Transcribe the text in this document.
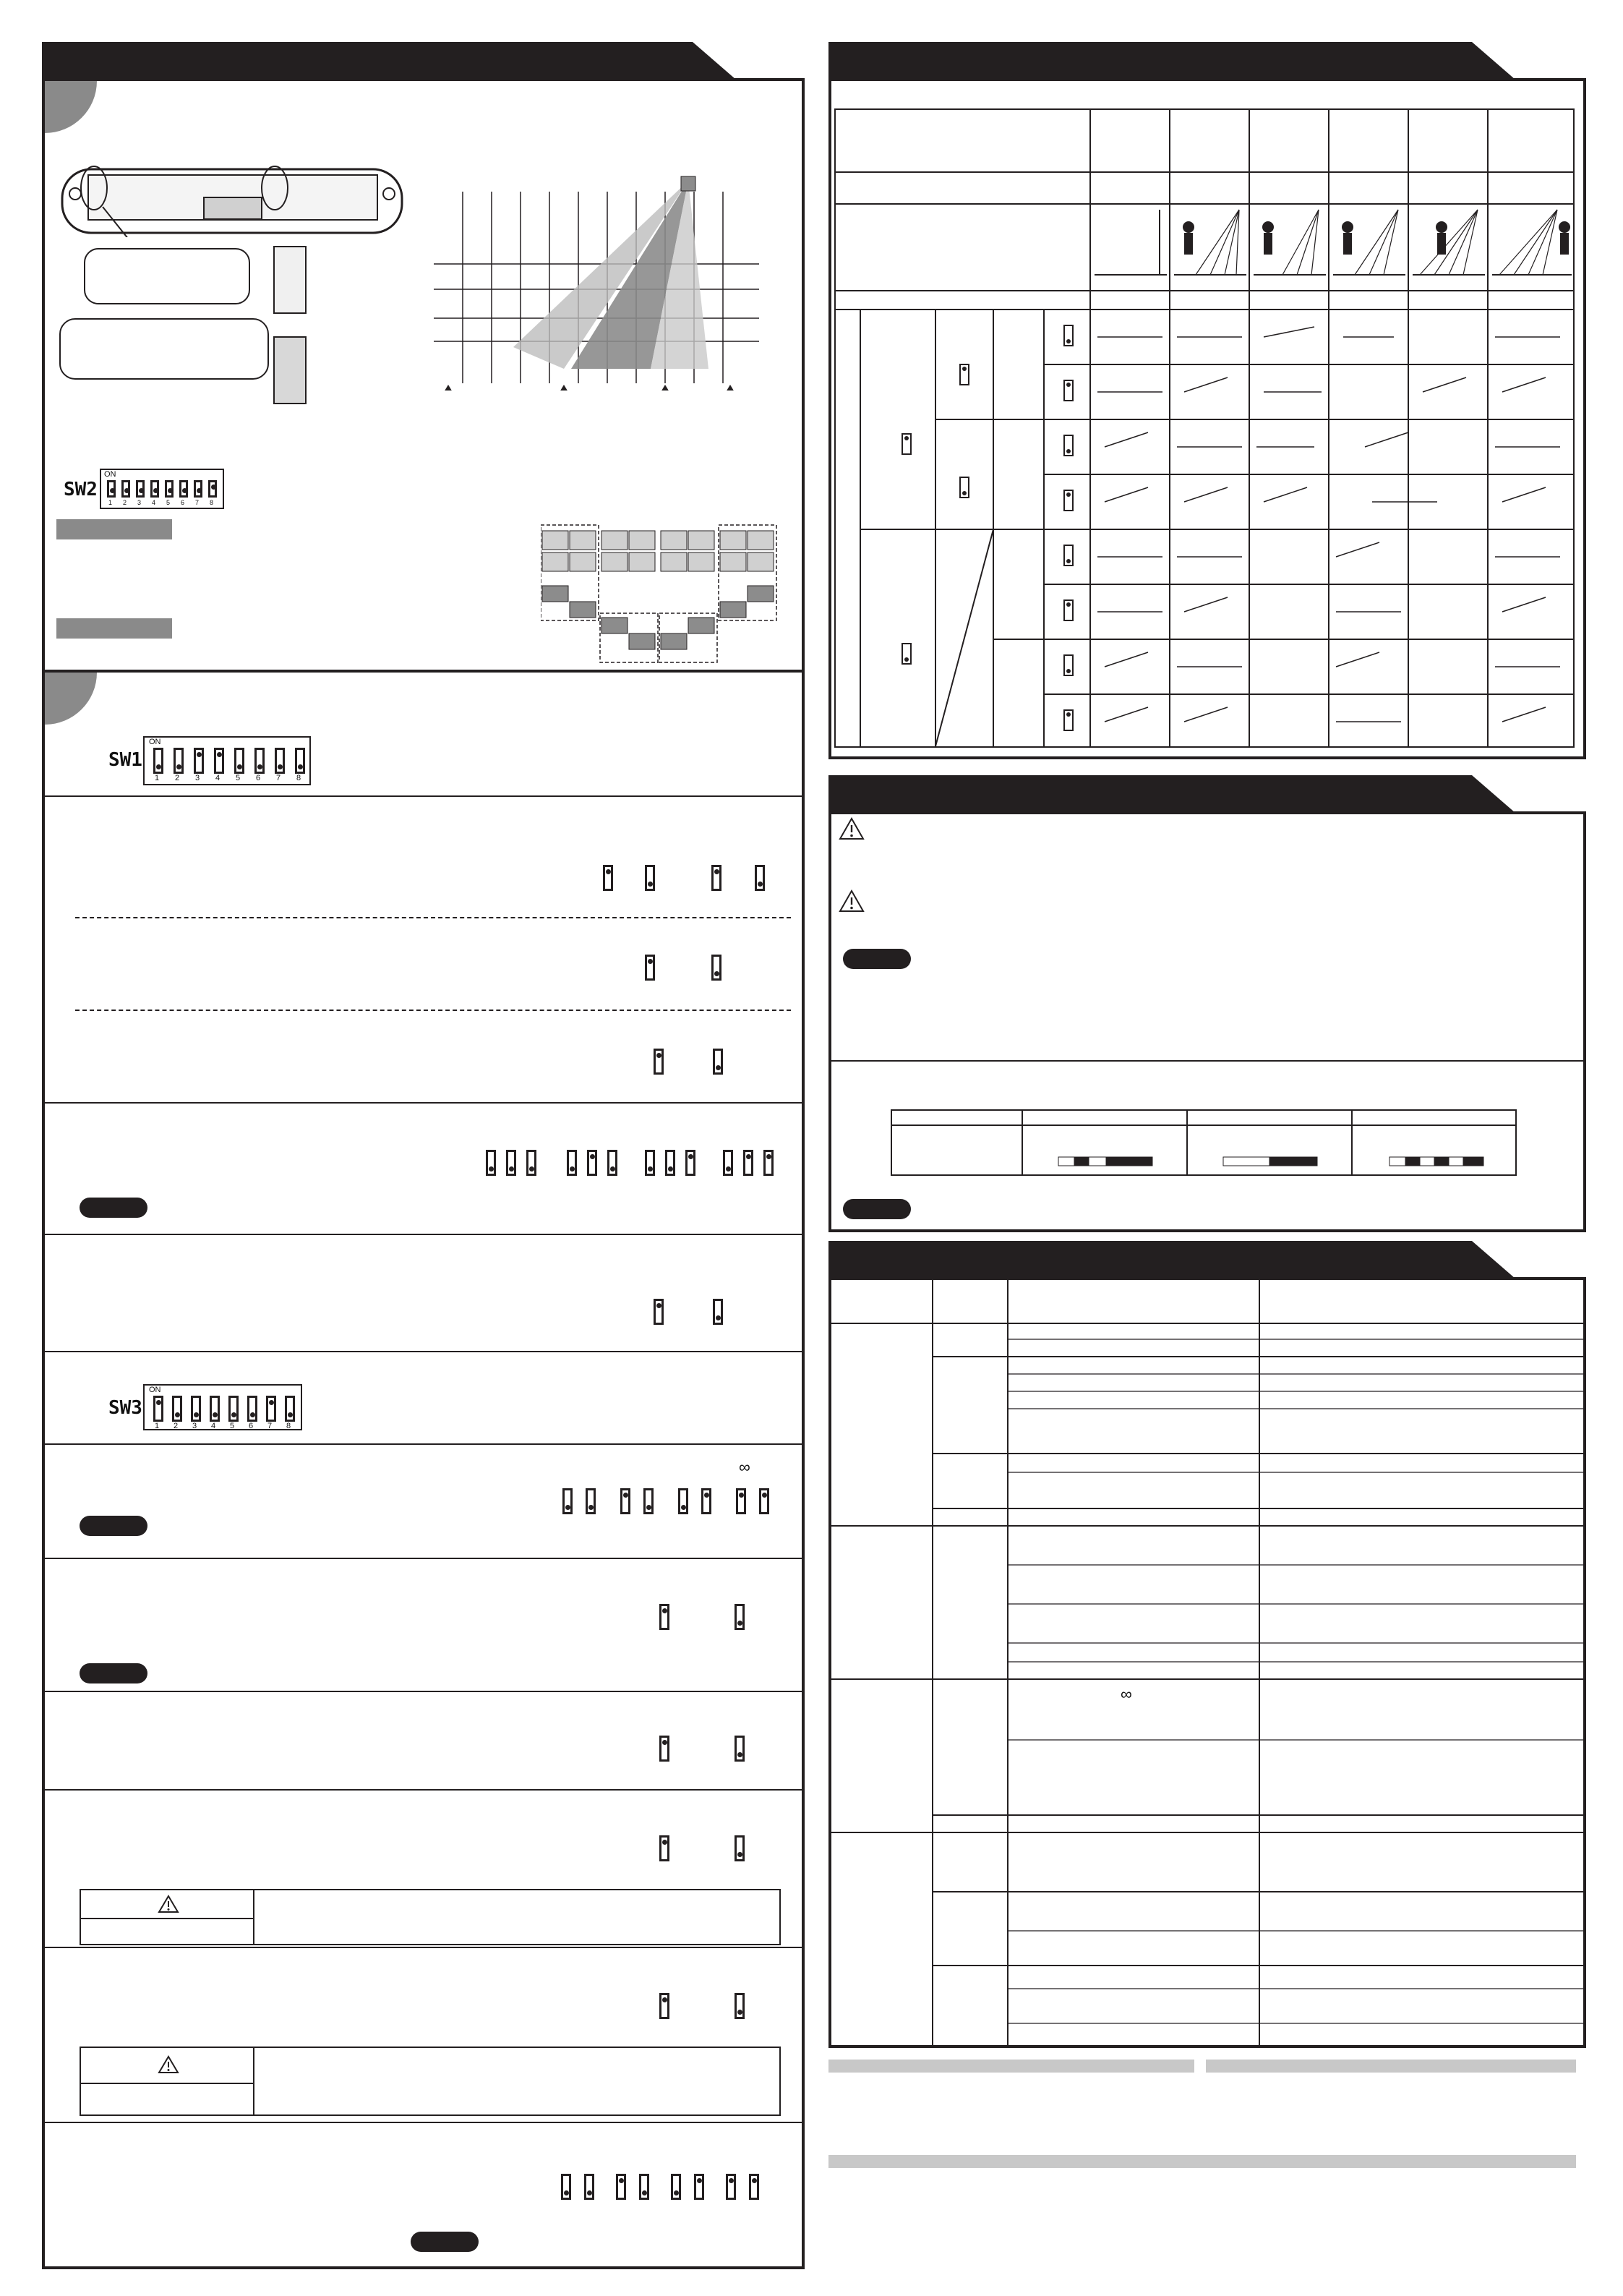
SW2
ON
1 2 3 4 5 6 7 8
SW1
ON
1 2 3 4 5 6 7 8
SW3
ON
1 2 3 4 5 6 7 8
∞
∞
